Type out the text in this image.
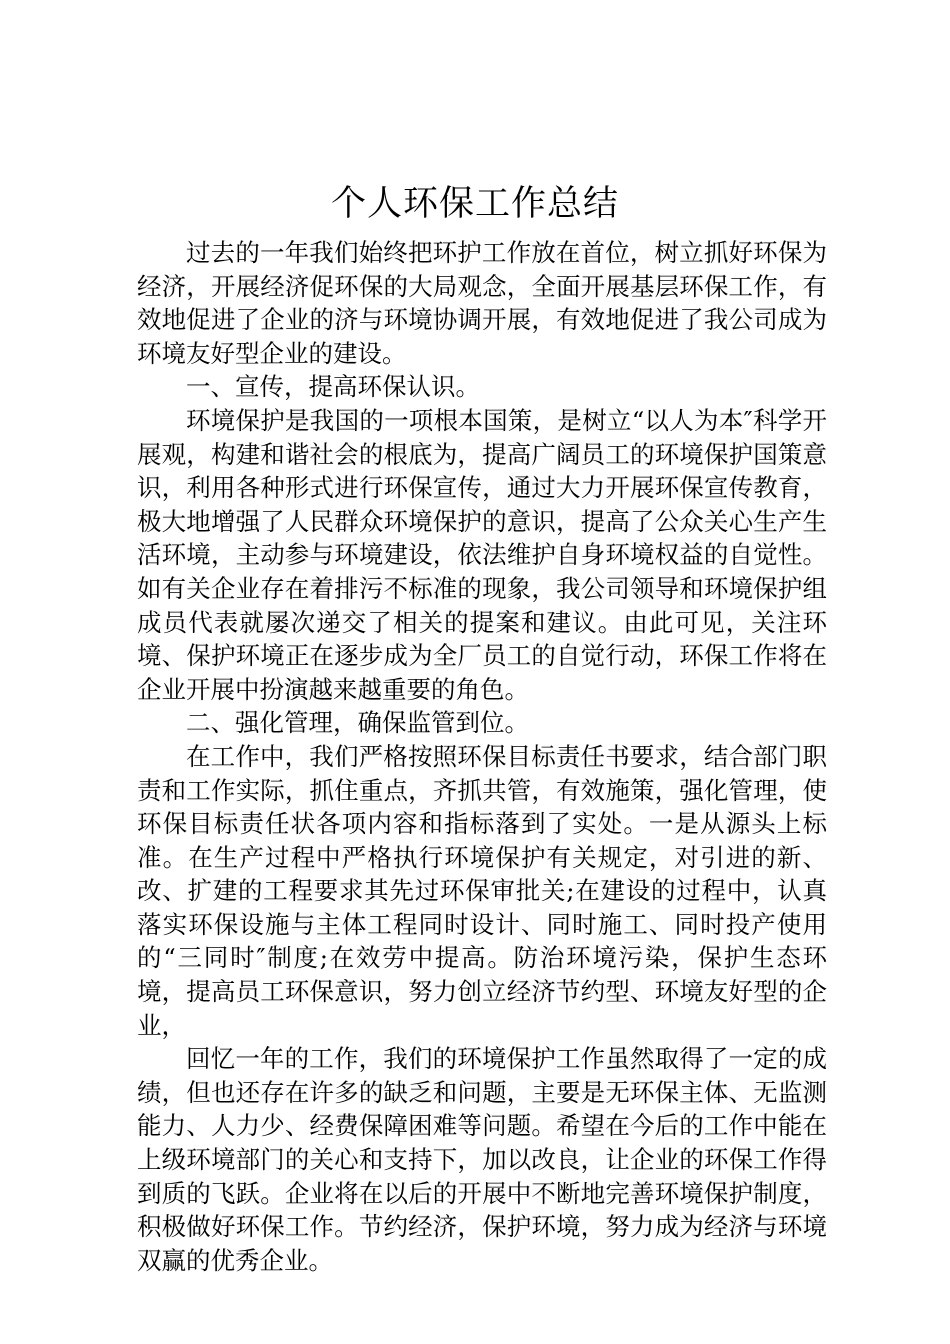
个人环保工作总结

过去的一年我们始终把环护工作放在首位，树立抓好环保为经济，开展经济促环保的大局观念，全面开展基层环保工作，有效地促进了企业的济与环境协调开展，有效地促进了我公司成为环境友好型企业的建设。

一、宣传，提高环保认识。

环境保护是我国的一项根本国策，是树立“以人为本″科学开展观，构建和谐社会的根底为，提高广阔员工的环境保护国策意识，利用各种形式进行环保宣传，通过大力开展环保宣传教育，极大地增强了人民群众环境保护的意识，提高了公众关心生产生活环境，主动参与环境建设，依法维护自身环境权益的自觉性。如有关企业存在着排污不标准的现象，我公司领导和环境保护组成员代表就屡次递交了相关的提案和建议。由此可见，关注环境、保护环境正在逐步成为全厂员工的自觉行动，环保工作将在企业开展中扮演越来越重要的角色。

二、强化管理，确保监管到位。

在工作中，我们严格按照环保目标责任书要求，结合部门职责和工作实际，抓住重点，齐抓共管，有效施策，强化管理，使环保目标责任状各项内容和指标落到了实处。一是从源头上标准。在生产过程中严格执行环境保护有关规定，对引进的新、改、扩建的工程要求其先过环保审批关;在建设的过程中，认真落实环保设施与主体工程同时设计、同时施工、同时投产使用的“三同时″制度;在效劳中提高。防治环境污染，保护生态环境，提高员工环保意识，努力创立经济节约型、环境友好型的企业，

回忆一年的工作，我们的环境保护工作虽然取得了一定的成绩，但也还存在许多的缺乏和问题，主要是无环保主体、无监测能力、人力少、经费保障困难等问题。希望在今后的工作中能在上级环境部门的关心和支持下，加以改良，让企业的环保工作得到质的飞跃。企业将在以后的开展中不断地完善环境保护制度，积极做好环保工作。节约经济，保护环境，努力成为经济与环境双赢的优秀企业。
